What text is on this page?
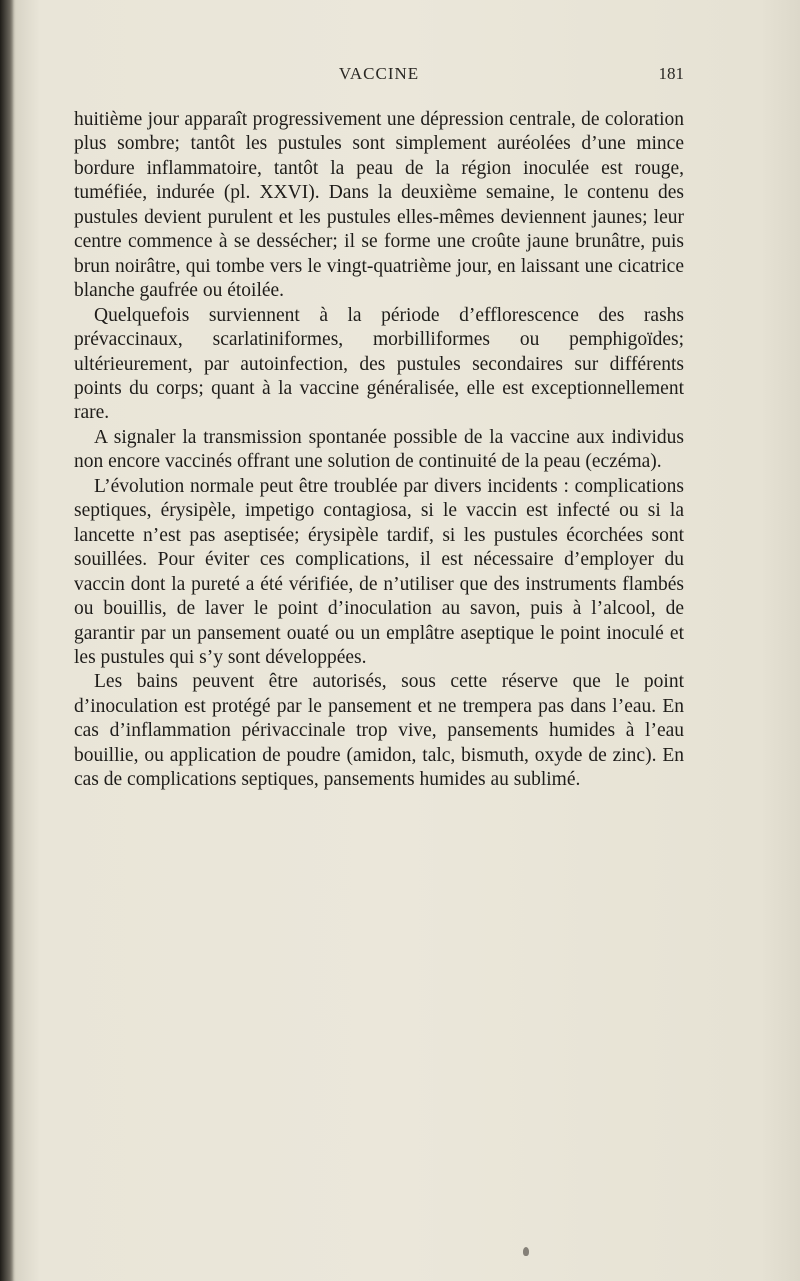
VACCINE	181

huitième jour apparaît progressivement une dépression centrale, de coloration plus sombre; tantôt les pustules sont simplement auréolées d’une mince bordure inflammatoire, tantôt la peau de la région inoculée est rouge, tuméfiée, indurée (pl. XXVI). Dans la deuxième semaine, le contenu des pustules devient purulent et les pustules elles-mêmes deviennent jaunes; leur centre commence à se dessécher; il se forme une croûte jaune brunâtre, puis brun noirâtre, qui tombe vers le vingt-quatrième jour, en laissant une cicatrice blanche gaufrée ou étoilée.

Quelquefois surviennent à la période d’efflorescence des rashs prévaccinaux, scarlatiniformes, morbilliformes ou pemphigoïdes; ultérieurement, par autoinfection, des pustules secondaires sur différents points du corps; quant à la vaccine généralisée, elle est exceptionnellement rare.

A signaler la transmission spontanée possible de la vaccine aux individus non encore vaccinés offrant une solution de continuité de la peau (eczéma).

L’évolution normale peut être troublée par divers incidents : complications septiques, érysipèle, impetigo contagiosa, si le vaccin est infecté ou si la lancette n’est pas aseptisée; érysipèle tardif, si les pustules écorchées sont souillées. Pour éviter ces complications, il est nécessaire d’employer du vaccin dont la pureté a été vérifiée, de n’utiliser que des instruments flambés ou bouillis, de laver le point d’inoculation au savon, puis à l’alcool, de garantir par un pansement ouaté ou un emplâtre aseptique le point inoculé et les pustules qui s’y sont développées.

Les bains peuvent être autorisés, sous cette réserve que le point d’inoculation est protégé par le pansement et ne trempera pas dans l’eau. En cas d’inflammation périvaccinale trop vive, pansements humides à l’eau bouillie, ou application de poudre (amidon, talc, bismuth, oxyde de zinc). En cas de complications septiques, pansements humides au sublimé.
